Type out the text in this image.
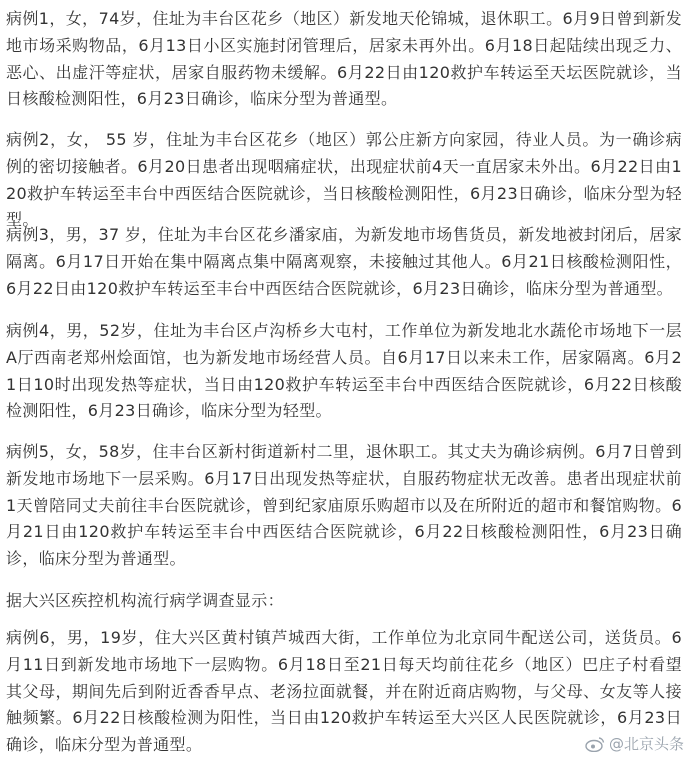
病例1，女，74岁，住址为丰台区花乡（地区）新发地天伦锦城，退休职工。6月9日曾到新发地市场采购物品，6月13日小区实施封闭管理后，居家未再外出。6月18日起陆续出现乏力、恶心、出虚汗等症状，居家自服药物未缓解。6月22日由120救护车转运至天坛医院就诊，当日核酸检测阳性，6月23日确诊，临床分型为普通型。

病例2，女， 55 岁，住址为丰台区花乡（地区）郭公庄新方向家园，待业人员。为一确诊病例的密切接触者。6月20日患者出现咽痛症状，出现症状前4天一直居家未外出。6月22日由120救护车转运至丰台中西医结合医院就诊，当日核酸检测阳性，6月23日确诊，临床分型为轻型。

病例3，男，37 岁，住址为丰台区花乡潘家庙，为新发地市场售货员，新发地被封闭后，居家隔离。6月17日开始在集中隔离点集中隔离观察，未接触过其他人。6月21日核酸检测阳性，6月22日由120救护车转运至丰台中西医结合医院就诊，6月23日确诊，临床分型为普通型。

病例4，男，52岁，住址为丰台区卢沟桥乡大屯村，工作单位为新发地北水蔬伦市场地下一层A厅西南老郑州烩面馆，也为新发地市场经营人员。自6月17日以来未工作，居家隔离。6月21日10时出现发热等症状，当日由120救护车转运至丰台中西医结合医院就诊，6月22日核酸检测阳性，6月23日确诊，临床分型为轻型。

病例5，女，58岁，住丰台区新村街道新村二里，退休职工。其丈夫为确诊病例。6月7日曾到新发地市场地下一层采购。6月17日出现发热等症状，自服药物症状无改善。患者出现症状前1天曾陪同丈夫前往丰台医院就诊，曾到纪家庙原乐购超市以及在所附近的超市和餐馆购物。6月21日由120救护车转运至丰台中西医结合医院就诊，6月22日核酸检测阳性，6月23日确诊，临床分型为普通型。

据大兴区疾控机构流行病学调查显示：

病例6，男，19岁，住大兴区黄村镇芦城西大街，工作单位为北京同牛配送公司，送货员。6月11日到新发地市场地下一层购物。6月18日至21日每天均前往花乡（地区）巴庄子村看望其父母，期间先后到附近香香早点、老汤拉面就餐，并在附近商店购物，与父母、女友等人接触频繁。6月22日核酸检测为阳性，当日由120救护车转运至大兴区人民医院就诊，6月23日确诊，临床分型为普通型。	@北京头条
